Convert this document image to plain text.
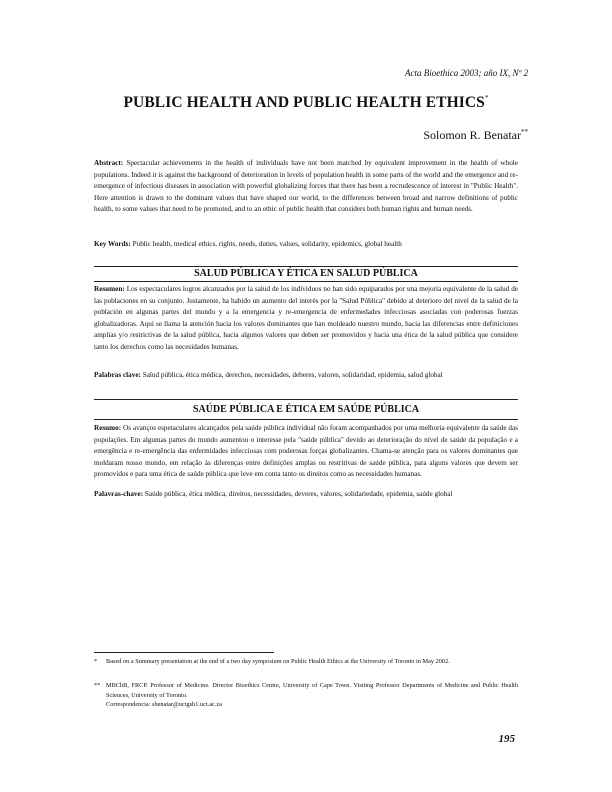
Acta Bioethica 2003; año IX, Nº 2
PUBLIC HEALTH AND PUBLIC HEALTH ETHICS*
Solomon R. Benatar**
Abstract: Spectacular achievements in the health of individuals have not been matched by equivalent improvement in the health of whole populations. Indeed it is against the background of deterioration in levels of population health in some parts of the world and the emergence and re-emergence of infectious diseases in association with powerful globalizing forces that there has been a recrudescence of interest in "Public Health". Here attention is drawn to the dominant values that have shaped our world, to the differences between broad and narrow definitions of public health, to some values that need to be promoted, and to an ethic of public health that considers both human rights and human needs.
Key Words: Public health, medical ethics, rights, needs, duties, values, solidarity, epidemics, global health
SALUD PÚBLICA Y ÉTICA EN SALUD PÚBLICA
Resumen: Los espectaculares logros alcanzados por la salud de los individuos no han sido equiparados por una mejoría equivalente de la salud de las poblaciones en su conjunto. Justamente, ha habido un aumento del interés por la "Salud Pública" debido al deterioro del nivel de la salud de la población en algunas partes del mundo y a la emergencia y re-emergencia de enfermedades infecciosas asociadas con poderosas fuerzas globalizadoras. Aquí se llama la atención hacia los valores dominantes que han moldeado nuestro mundo, hacia las diferencias entre definiciones amplias y/o restrictivas de la salud pública, hacia algunos valores que deben ser promovidos y hacia una ética de la salud pública que considere tanto los derechos como las necesidades humanas.
Palabras clave: Salud pública, ética médica, derechos, necesidades, deberes, valores, solidaridad, epidemia, salud global
SAÚDE PÚBLICA E ÉTICA EM SAÚDE PÚBLICA
Resumo: Os avanços espetaculares alcançados pela saúde pública individual não foram acompanhados por uma melhoria equivalente da saúde das populações. Em algumas partes do mundo aumentou o interesse pela "saúde pública" devido ao deterioração do nível de saúde da população e a emergência e re-emergência das enfermidades infecciosas com poderosas forças globalizantes. Chama-se atenção para os valores dominantes que moldaram nosso mundo, em relação às diferenças entre definições amplas ou restritivas de saúde pública, para alguns valores que devem ser promovidos e para uma ética de saúde pública que leve em conta tanto os direitos como as necessidades humanas.
Palavras-chave: Saúde pública, ética médica, direitos, necessidades, deveres, valores, solidariedade, epidemia, saúde global
* Based on a Summary presentation at the end of a two day symposium on Public Health Ethics at the University of Toronto in May 2002.
** MBChB, FRCP. Professor of Medicine. Director Bioethics Centre, University of Cape Town. Visiting Professor Departments of Medicine and Public Health Sciences, University of Toronto.
Correspondencia: sbenatar@uctgsh1.uct.ac.za
195
